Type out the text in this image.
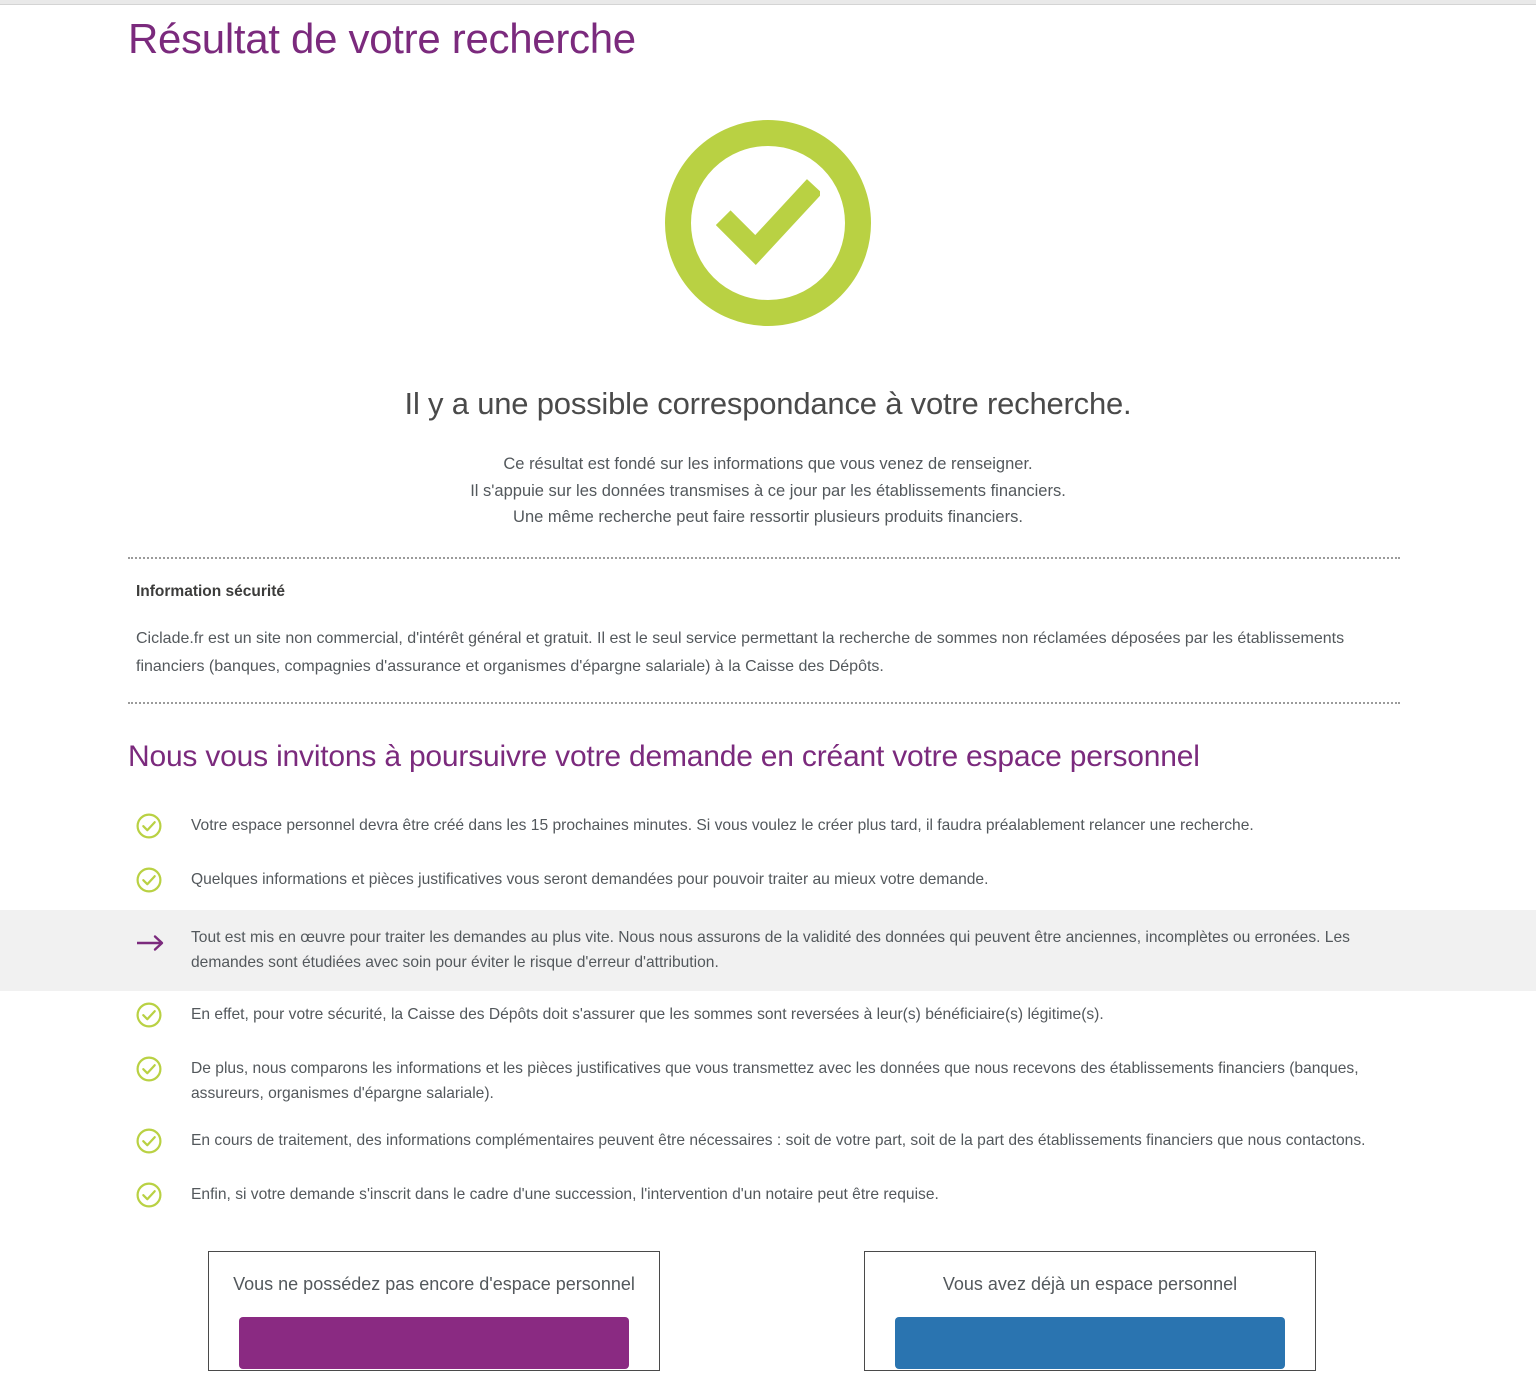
Résultat de votre recherche

Il y a une possible correspondance à votre recherche.

Ce résultat est fondé sur les informations que vous venez de renseigner.
Il s'appuie sur les données transmises à ce jour par les établissements financiers.
Une même recherche peut faire ressortir plusieurs produits financiers.

Information sécurité

Ciclade.fr est un site non commercial, d'intérêt général et gratuit. Il est le seul service permettant la recherche de sommes non réclamées déposées par les établissements financiers (banques, compagnies d'assurance et organismes d'épargne salariale) à la Caisse des Dépôts.

Nous vous invitons à poursuivre votre demande en créant votre espace personnel
Votre espace personnel devra être créé dans les 15 prochaines minutes. Si vous voulez le créer plus tard, il faudra préalablement relancer une recherche.
Quelques informations et pièces justificatives vous seront demandées pour pouvoir traiter au mieux votre demande.
Tout est mis en œuvre pour traiter les demandes au plus vite. Nous nous assurons de la validité des données qui peuvent être anciennes, incomplètes ou erronées. Les demandes sont étudiées avec soin pour éviter le risque d'erreur d'attribution.
En effet, pour votre sécurité, la Caisse des Dépôts doit s'assurer que les sommes sont reversées à leur(s) bénéficiaire(s) légitime(s).
De plus, nous comparons les informations et les pièces justificatives que vous transmettez avec les données que nous recevons des établissements financiers (banques, assureurs, organismes d'épargne salariale).
En cours de traitement, des informations complémentaires peuvent être nécessaires : soit de votre part, soit de la part des établissements financiers que nous contactons.
Enfin, si votre demande s'inscrit dans le cadre d'une succession, l'intervention d'un notaire peut être requise.
Vous ne possédez pas encore d'espace personnel	Vous avez déjà un espace personnel
